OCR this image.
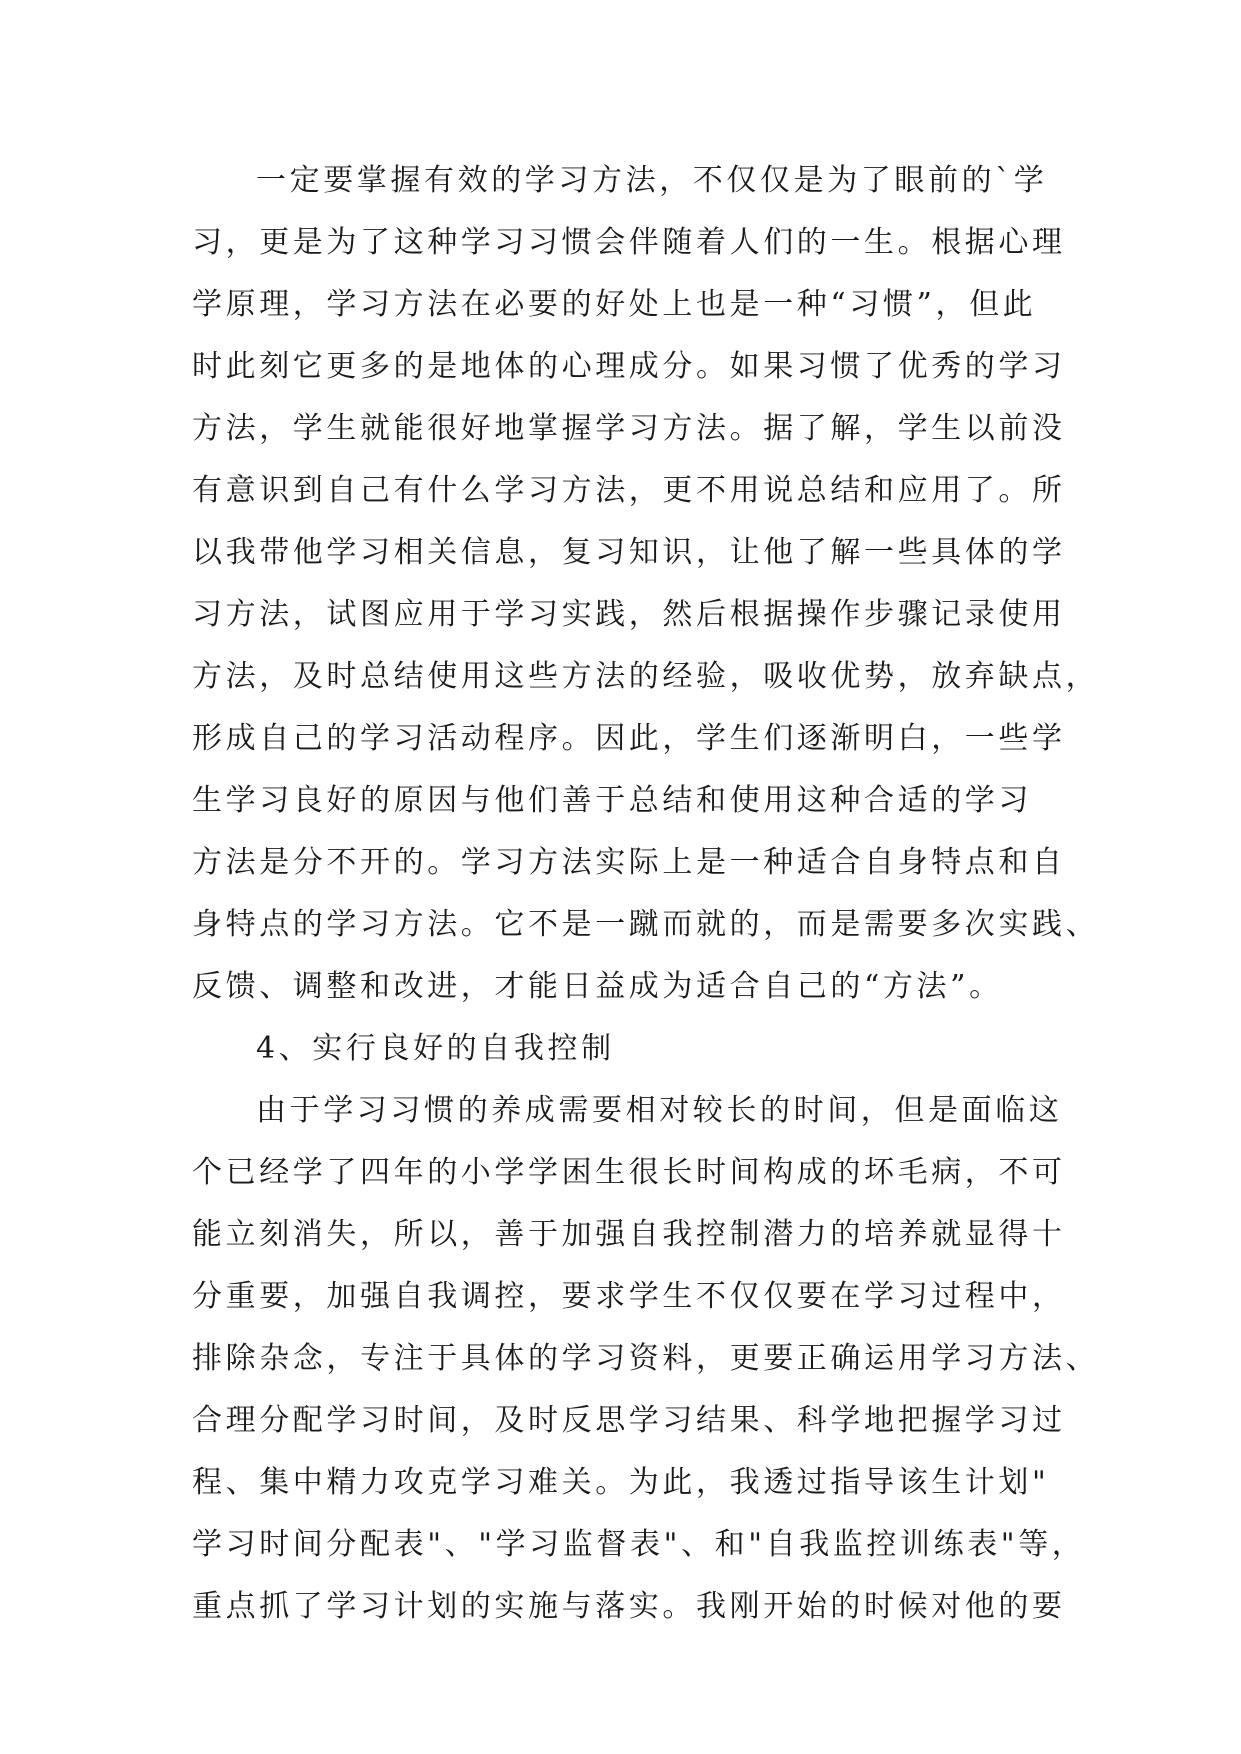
一定要掌握有效的学习方法，不仅仅是为了眼前的`学
习，更是为了这种学习习惯会伴随着人们的一生。根据心理
学原理，学习方法在必要的好处上也是一种“习惯”，但此
时此刻它更多的是地体的心理成分。如果习惯了优秀的学习
方法，学生就能很好地掌握学习方法。据了解，学生以前没
有意识到自己有什么学习方法，更不用说总结和应用了。所
以我带他学习相关信息，复习知识，让他了解一些具体的学
习方法，试图应用于学习实践，然后根据操作步骤记录使用
方法，及时总结使用这些方法的经验，吸收优势，放弃缺点，
形成自己的学习活动程序。因此，学生们逐渐明白，一些学
生学习良好的原因与他们善于总结和使用这种合适的学习
方法是分不开的。学习方法实际上是一种适合自身特点和自
身特点的学习方法。它不是一蹴而就的，而是需要多次实践、
反馈、调整和改进，才能日益成为适合自己的“方法”。
4、实行良好的自我控制
由于学习习惯的养成需要相对较长的时间，但是面临这
个已经学了四年的小学学困生很长时间构成的坏毛病，不可
能立刻消失，所以，善于加强自我控制潜力的培养就显得十
分重要，加强自我调控，要求学生不仅仅要在学习过程中，
排除杂念，专注于具体的学习资料，更要正确运用学习方法、
合理分配学习时间，及时反思学习结果、科学地把握学习过
程、集中精力攻克学习难关。为此，我透过指导该生计划"
学习时间分配表"、"学习监督表"、和"自我监控训练表"等，
重点抓了学习计划的实施与落实。我刚开始的时候对他的要
